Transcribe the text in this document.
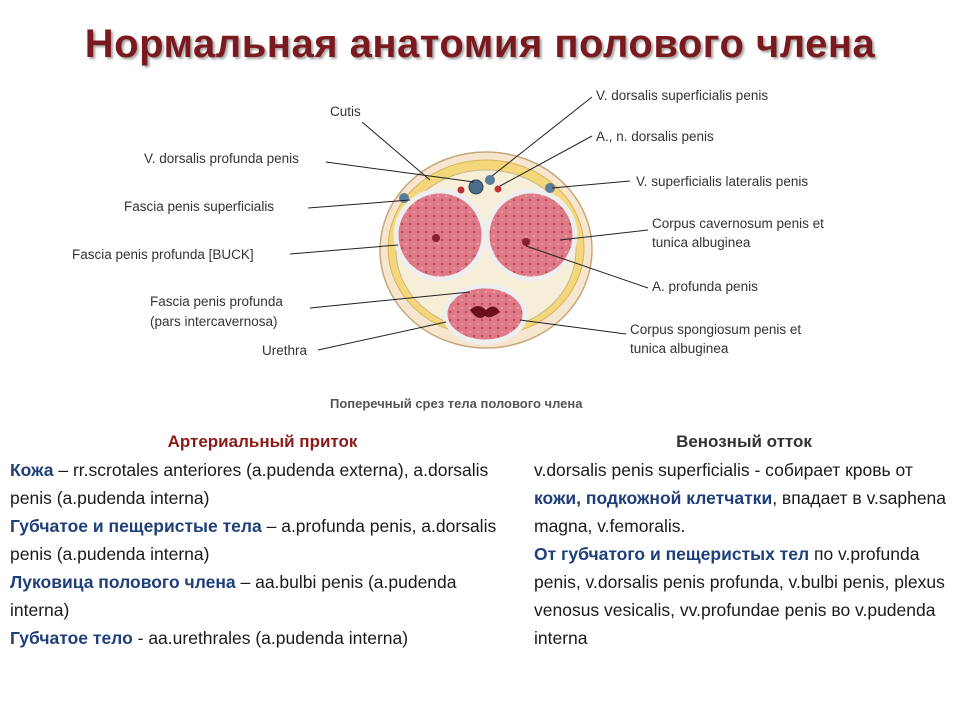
Нормальная анатомия полового члена
Cutis
V. dorsalis profunda penis
Fascia penis superficialis
Fascia penis profunda [BUCK]
Fascia penis profunda
(pars intercavernosa)
Urethra
V. dorsalis superficialis penis
A., n. dorsalis penis
V. superficialis lateralis penis
Corpus cavernosum penis et
tunica albuginea
A. profunda penis
Corpus spongiosum penis et
tunica albuginea
Поперечный срез тела полового члена
Артериальный приток

Кожа – rr.scrotales anteriores (a.pudenda externa), a.dorsalis penis (a.pudenda interna)

Губчатое и пещеристые тела – a.profunda penis, a.dorsalis penis (a.pudenda interna)

Луковица полового члена – aa.bulbi penis (a.pudenda interna)

Губчатое тело - aa.urethrales (a.pudenda interna)

Венозный отток

v.dorsalis penis superficialis - собирает кровь от кожи, подкожной клетчатки, впадает в v.saphena magna, v.femoralis.

От губчатого и пещеристых тел по v.profunda penis, v.dorsalis penis profunda, v.bulbi penis, plexus venosus vesicalis, vv.profundae penis во v.pudenda interna
